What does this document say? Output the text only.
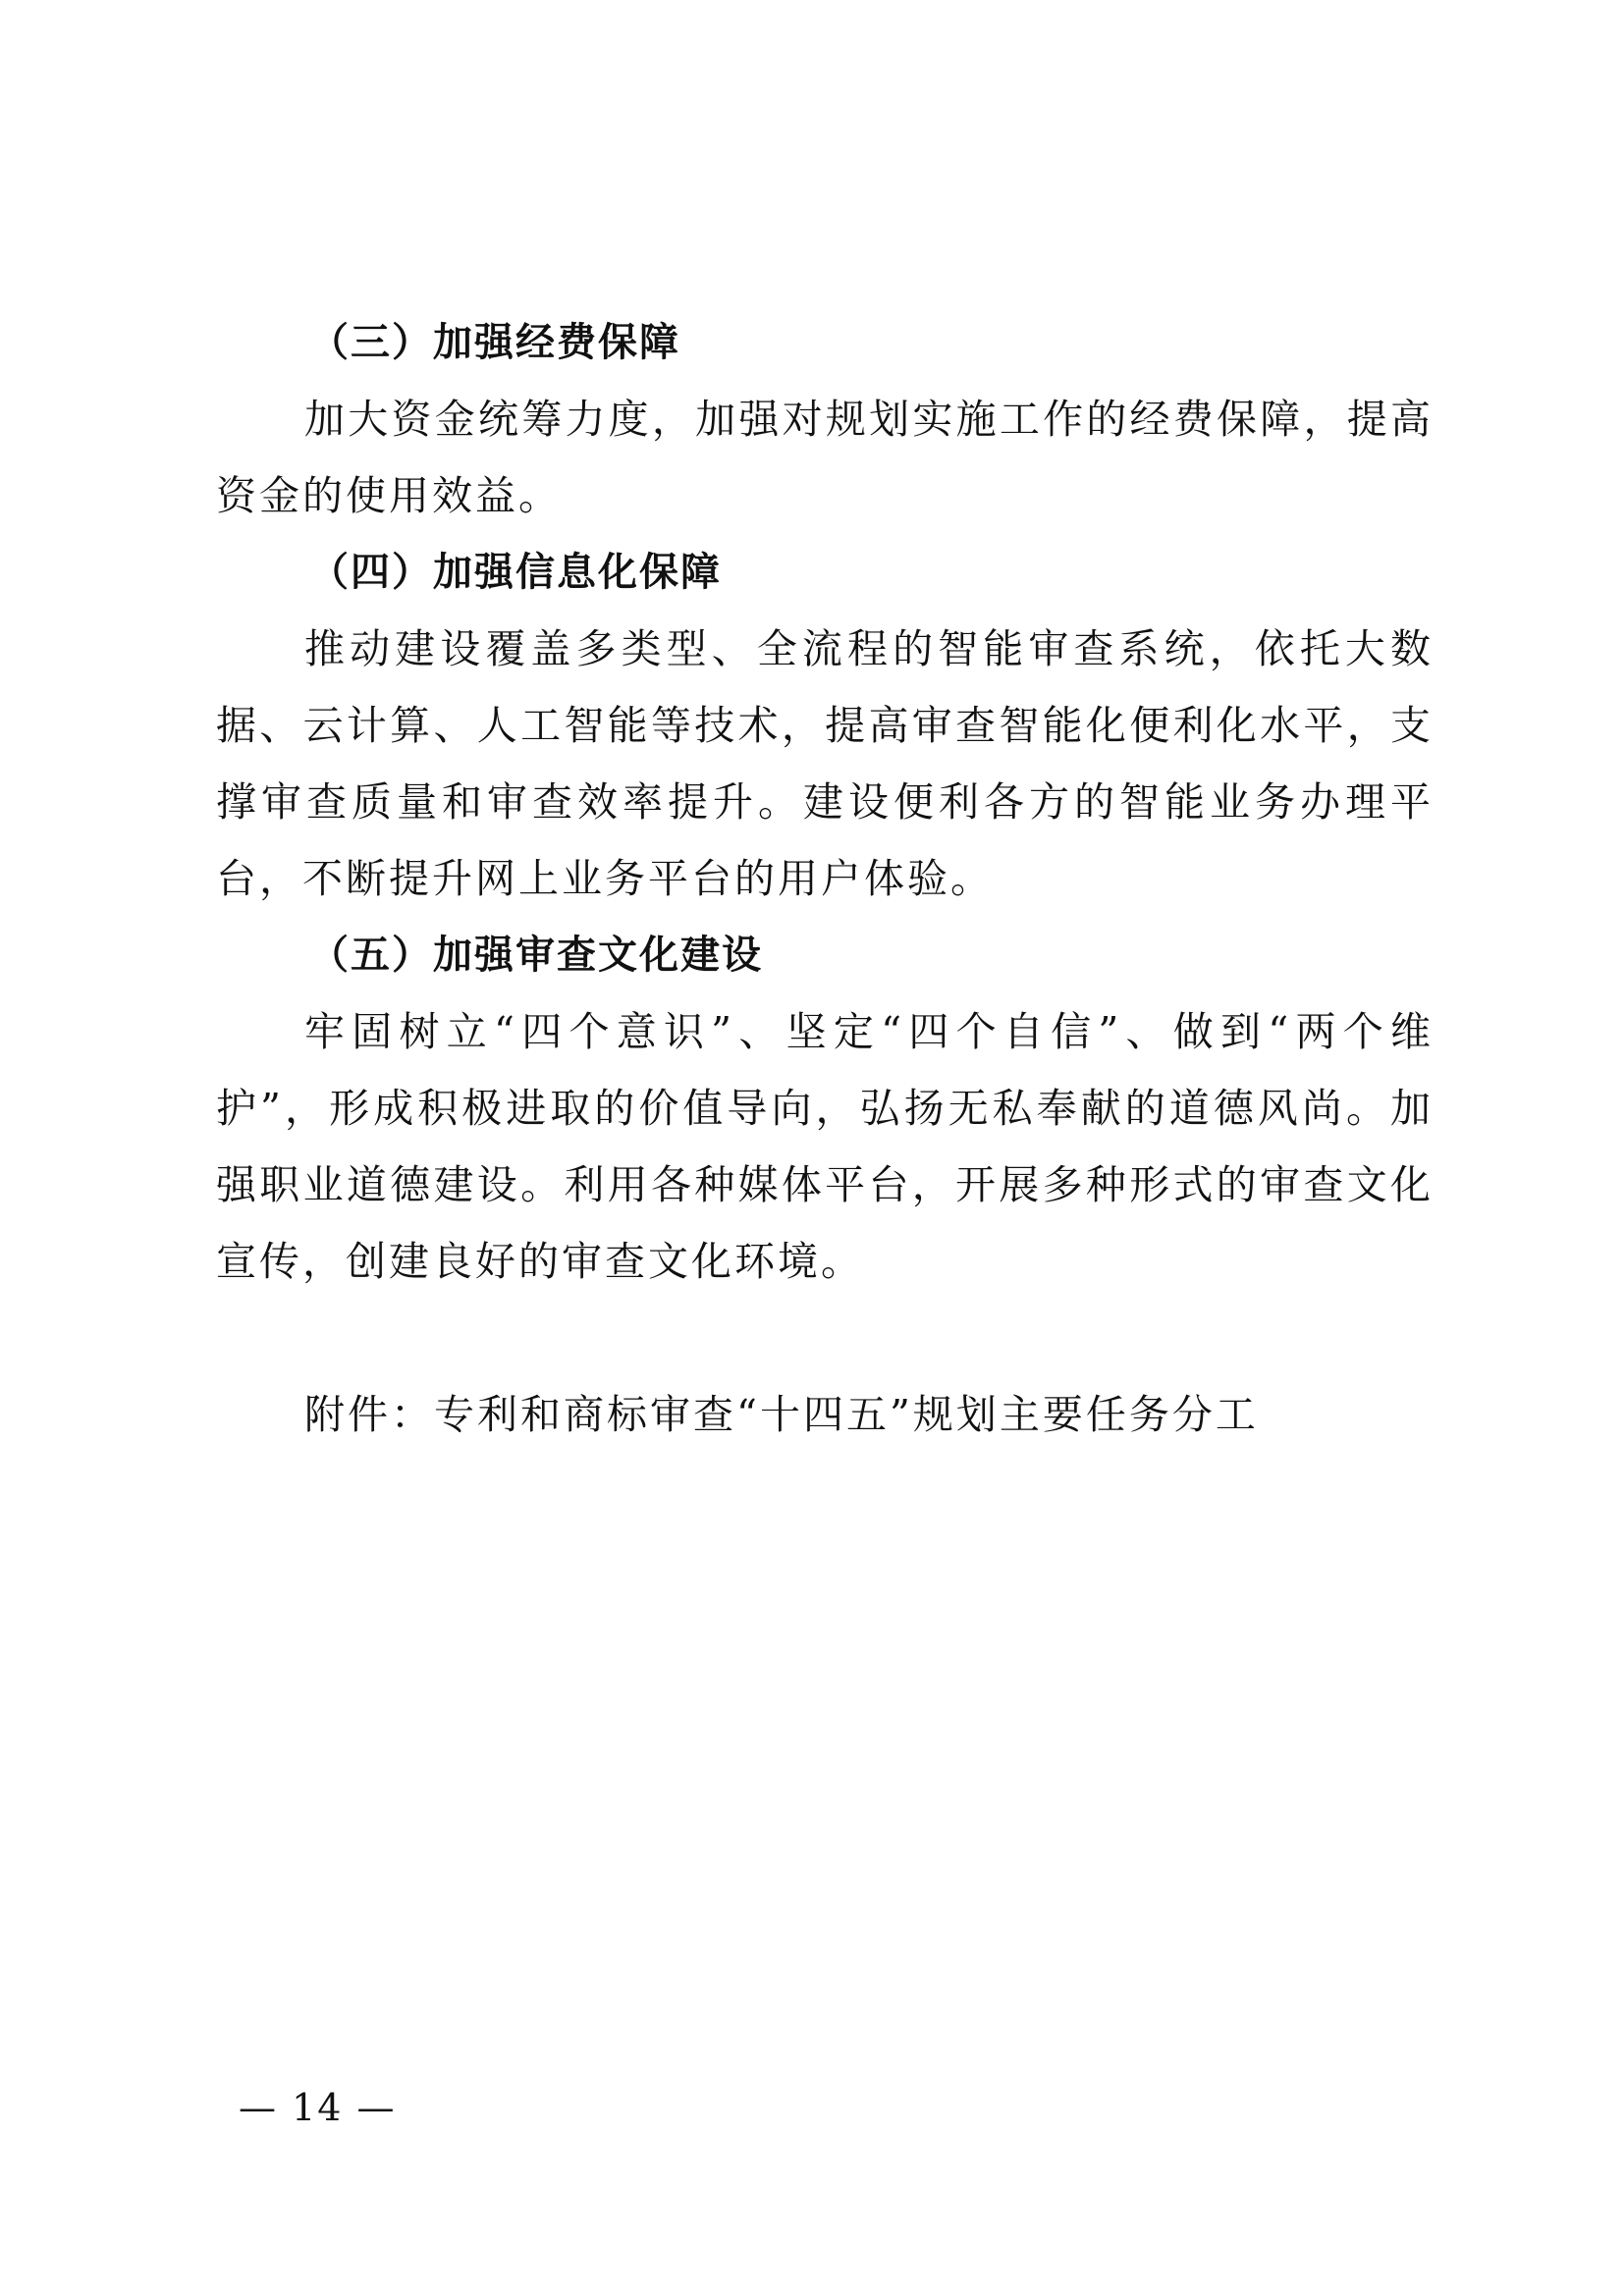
（三）加强经费保障

加大资金统筹力度，加强对规划实施工作的经费保障，提高资金的使用效益。

（四）加强信息化保障

推动建设覆盖多类型、全流程的智能审查系统，依托大数据、云计算、人工智能等技术，提高审查智能化便利化水平，支撑审查质量和审查效率提升。建设便利各方的智能业务办理平台，不断提升网上业务平台的用户体验。

（五）加强审查文化建设

牢固树立“四个意识”、坚定“四个自信”、做到“两个维护”，形成积极进取的价值导向，弘扬无私奉献的道德风尚。加强职业道德建设。利用各种媒体平台，开展多种形式的审查文化宣传，创建良好的审查文化环境。

附件：专利和商标审查“十四五”规划主要任务分工
— 14 —
